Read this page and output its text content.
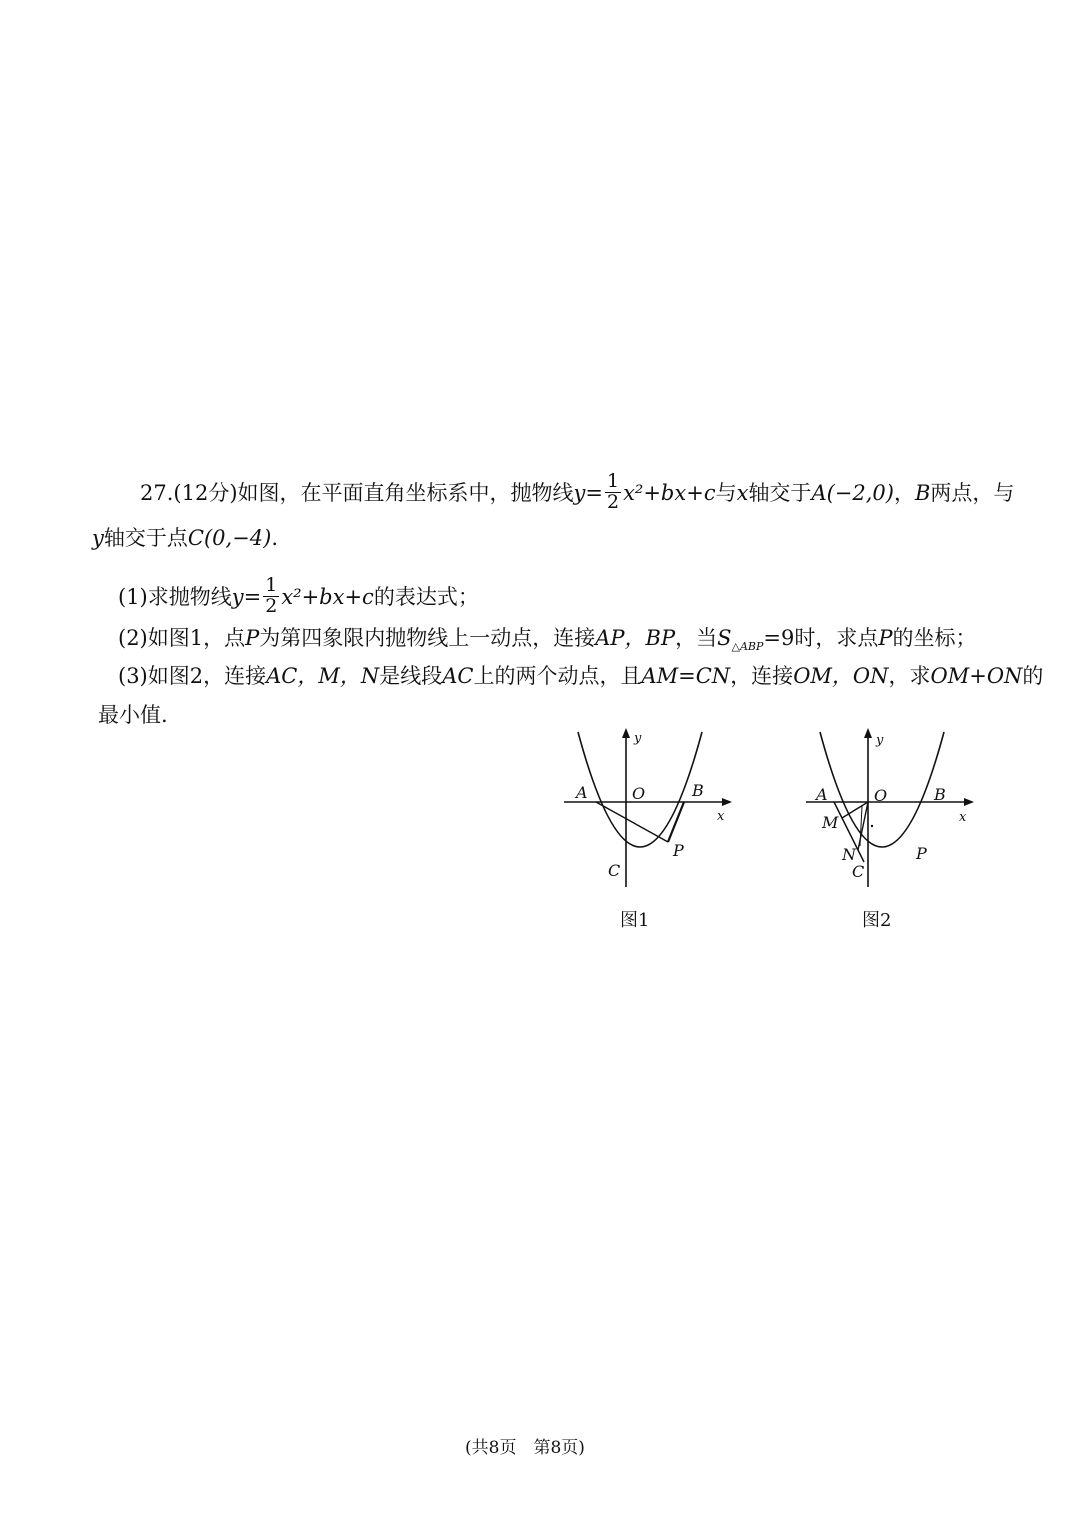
27.(12分)如图，在平面直角坐标系中，抛物线$y= \frac{1}{2} x^2+bx+c$与x轴交于A(−2,0)，B两点，与
y轴交于点C(0,−4).
(1)求抛物线$y= \frac{1}{2} x^2+bx+c$的表达式；
(2)如图1，点P为第四象限内抛物线上一动点，连接AP，BP，当$S_{\triangle ABP}=9$时，求点P的坐标；
(3)如图2，连接AC，M，N是线段AC上的两个动点，且AM=CN，连接OM，ON，求OM+ON的
最小值.
A	O	B
C
P
x
y
图1
A	O	B
M
N
C
P
x
y
图2
(共8页　第8页)
